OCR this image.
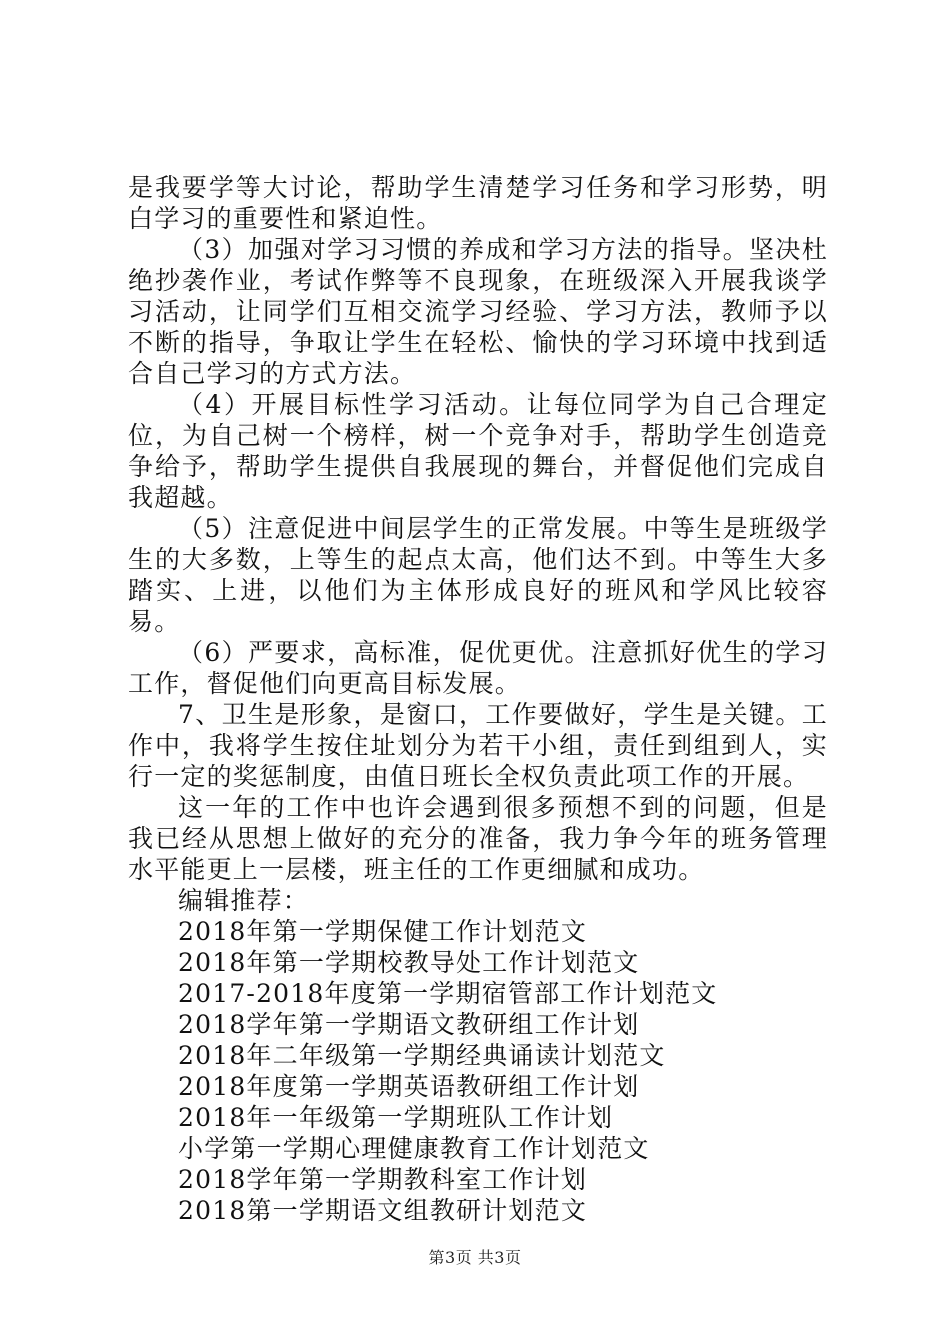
是我要学等大讨论，帮助学生清楚学习任务和学习形势，明白学习的重要性和紧迫性。

（3）加强对学习习惯的养成和学习方法的指导。坚决杜绝抄袭作业，考试作弊等不良现象，在班级深入开展我谈学习活动，让同学们互相交流学习经验、学习方法，教师予以不断的指导，争取让学生在轻松、愉快的学习环境中找到适合自己学习的方式方法。

（4）开展目标性学习活动。让每位同学为自己合理定位，为自己树一个榜样，树一个竞争对手，帮助学生创造竞争给予，帮助学生提供自我展现的舞台，并督促他们完成自我超越。

（5）注意促进中间层学生的正常发展。中等生是班级学生的大多数，上等生的起点太高，他们达不到。中等生大多踏实、上进，以他们为主体形成良好的班风和学风比较容易。

（6）严要求，高标准，促优更优。注意抓好优生的学习工作，督促他们向更高目标发展。

7、卫生是形象，是窗口，工作要做好，学生是关键。工作中，我将学生按住址划分为若干小组，责任到组到人，实行一定的奖惩制度，由值日班长全权负责此项工作的开展。

这一年的工作中也许会遇到很多预想不到的问题，但是我已经从思想上做好的充分的准备，我力争今年的班务管理水平能更上一层楼，班主任的工作更细腻和成功。

编辑推荐：

2018年第一学期保健工作计划范文
2018年第一学期校教导处工作计划范文
2017-2018年度第一学期宿管部工作计划范文
2018学年第一学期语文教研组工作计划
2018年二年级第一学期经典诵读计划范文
2018年度第一学期英语教研组工作计划
2018年一年级第一学期班队工作计划
小学第一学期心理健康教育工作计划范文
2018学年第一学期教科室工作计划
2018第一学期语文组教研计划范文
第3页 共3页
